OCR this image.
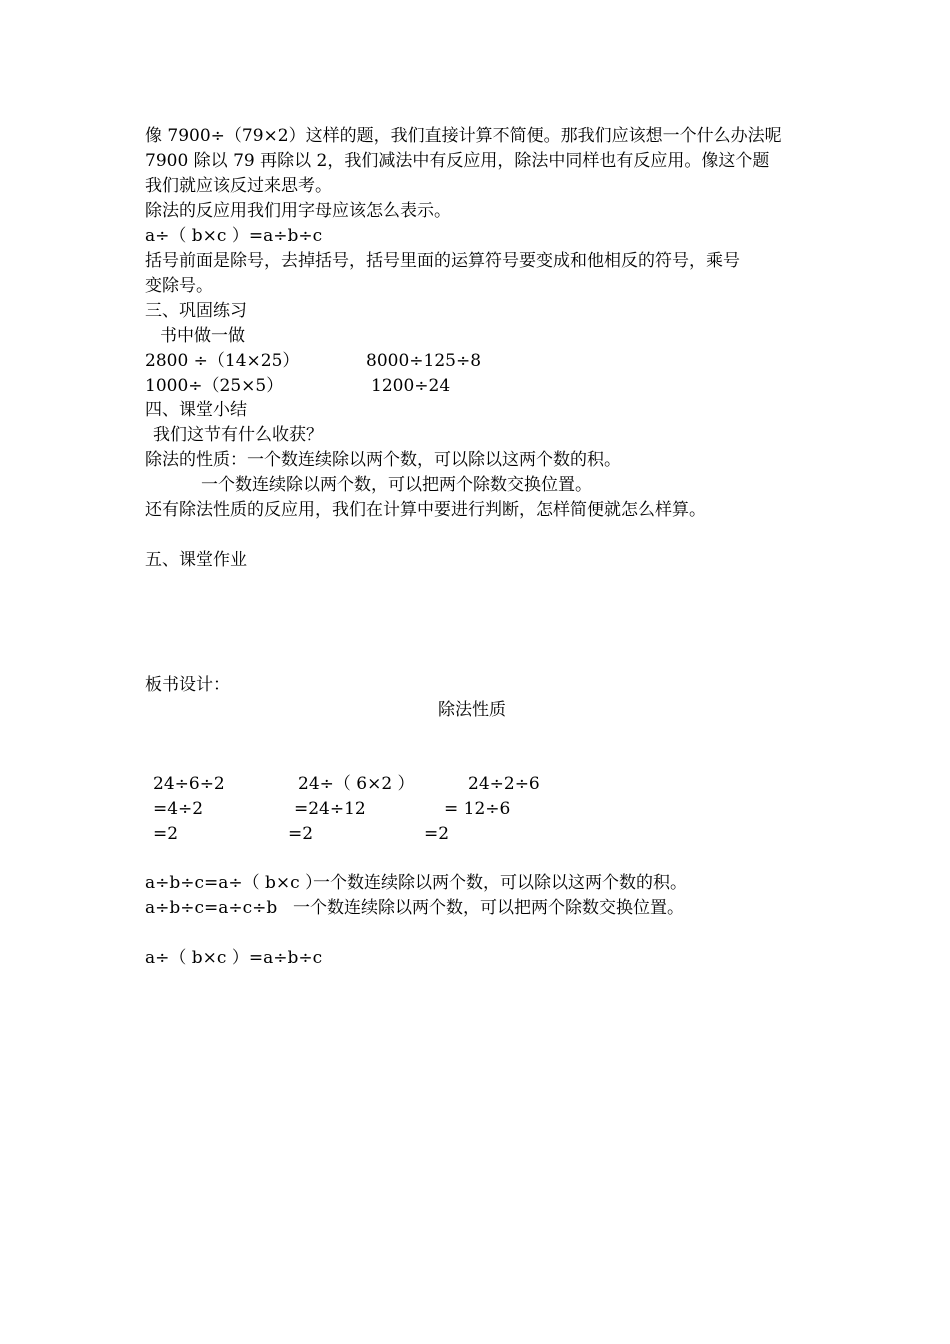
像 7900÷（79×2）这样的题，我们直接计算不简便。那我们应该想一个什么办法呢
7900 除以 79 再除以 2，我们减法中有反应用，除法中同样也有反应用。像这个题
我们就应该反过来思考。
除法的反应用我们用字母应该怎么表示。
a÷（ b×c ）=a÷b÷c
括号前面是除号，去掉括号，括号里面的运算符号要变成和他相反的符号，乘号
变除号。
三、巩固练习
书中做一做
2800 ÷（14×25）	8000÷125÷8
1000÷（25×5）	1200÷24
四、课堂小结
我们这节有什么收获？
除法的性质：一个数连续除以两个数，可以除以这两个数的积。
一个数连续除以两个数，可以把两个除数交换位置。
还有除法性质的反应用，我们在计算中要进行判断，怎样简便就怎么样算。
五、课堂作业
板书设计：
除法性质
24÷6÷2
=4÷2
=2
24÷（ 6×2 ）
=24÷12
=2
24÷2÷6
= 12÷6
=2
a÷b÷c=a÷（ b×c ）
一个数连续除以两个数，可以除以这两个数的积。
a÷b÷c=a÷c÷b 一个数连续除以两个数，可以把两个除数交换位置。
a÷（ b×c ）=a÷b÷c
